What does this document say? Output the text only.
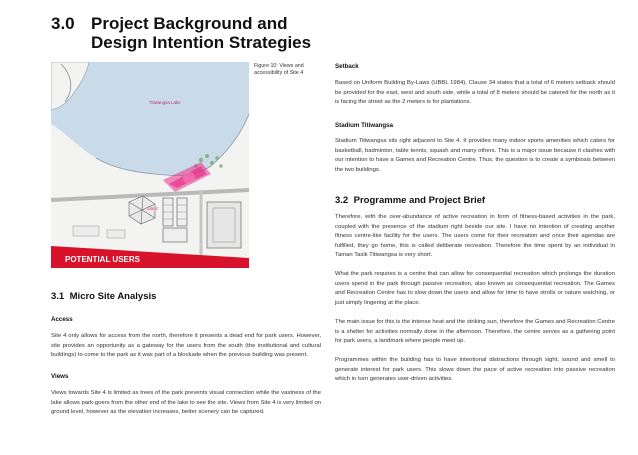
3.0 Project Background and Design Intention Strategies
Site 4
Titiwangsa Lake
POTENTIAL USERS
Figure 10: Views and accessibility of Site 4
3.1 Micro Site Analysis
Access
Site 4 only allows for access from the north, therefore it presents a dead end for park users. However, site provides an opportunity as a gateway for the users from the south (the institutional and cultural buildings) to come to the park as it was part of a blockade when the previous building was present.
Views
Views towards Site 4 is limited as trees of the park prevents visual connection while the vastness of the lake allows park-goers from the other end of the lake to see the site. Views from Site 4 is very limited on ground level, however as the elevation increases, better scenery can be captured.
Setback
Based on Uniform Building By-Laws (UBBL 1984), Clause 34 states that a total of 6 meters setback should be provided for the east, west and south side, while a total of 8 meters should be catered for the north as it is facing the street as the 2 meters is for plantations.
Stadium Titiwangsa
Stadium Titiwangsa sits right adjacent to Site 4. It provides many indoor sports amenities which caters for basketball, badminton, table tennis, squash and many others. This is a major issue because it clashes with our intention to have a Games and Recreation Centre. Thus, the question is to create a symbiosis between the two buildings.
3.2 Programme and Project Brief
Therefore, with the over-abundance of active recreation in form of fitness-based activities in the park, coupled with the presence of the stadium right beside our site. I have no intention of creating another fitness centre-like facility for the users. The users come for their recreation and once their agendas are fulfilled, they go home, this is called deliberate recreation. Therefore the time spent by an individual in Taman Tasik Titiwangsa is very short.
What the park requires is a centre that can allow for consequential recreation which prolongs the duration users spend in the park through passive recreation, also known as consequential recreation. The Games and Recreation Centre has to slow down the users and allow for time to have strolls or nature watching, or just simply lingering at the place.
The main issue for this is the intense heat and the striking sun, therefore the Games and Recreation Centre is a shelter for activities normally done in the afternoon. Therefore, the centre serves as a gathering point for park users, a landmark where people meet up.
Programmes within the building has to have intentional distractions through sight, sound and smell to generate interest for park users. This slows down the pace of active recreation into passive recreation which in turn generates user-driven activities.
